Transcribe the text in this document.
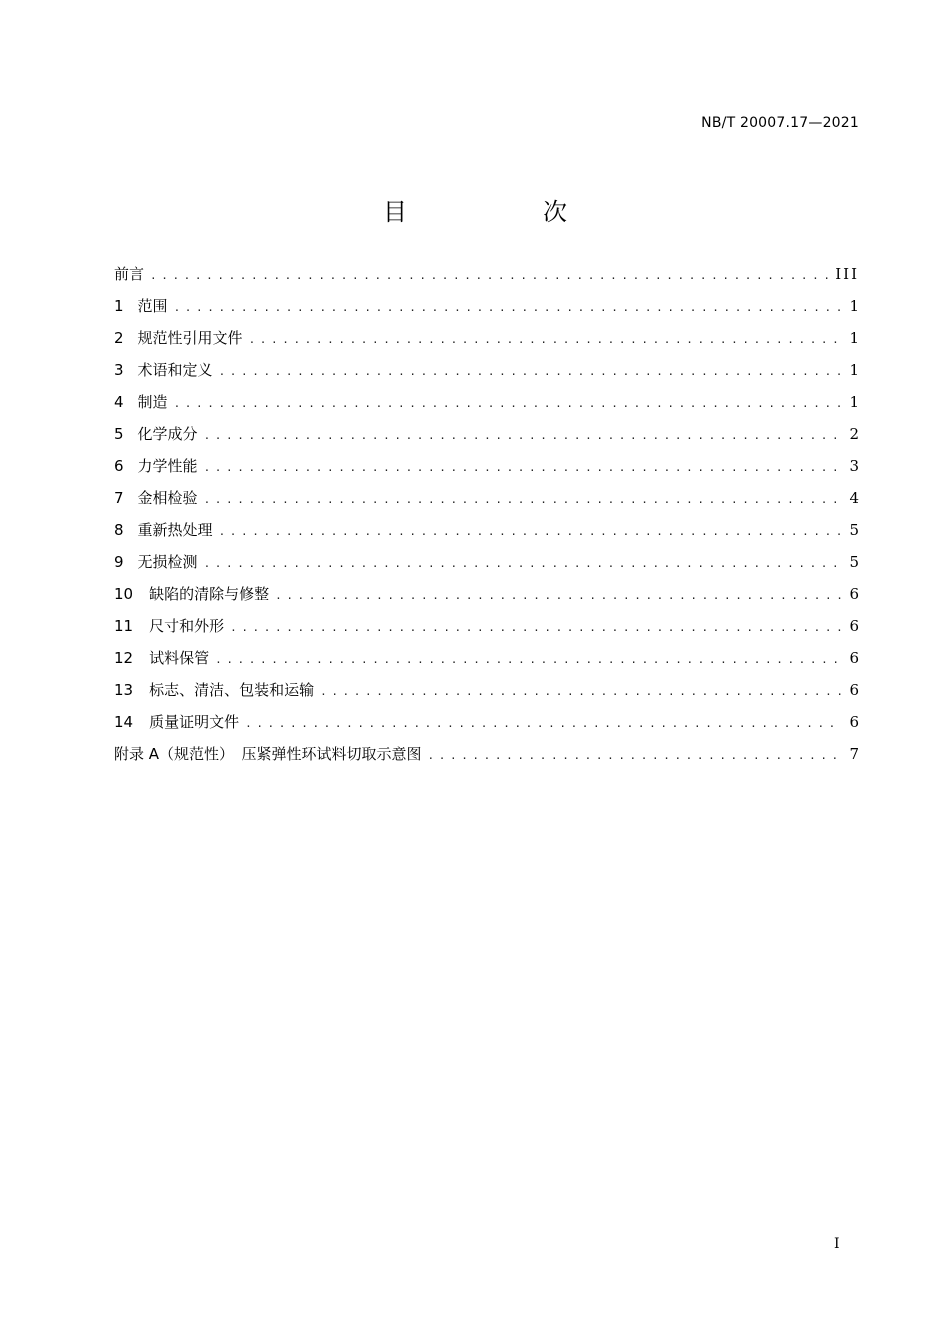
NB/T 20007.17—2021
目　次
前言 .....	III
1 范围 .....	1
2 规范性引用文件 .....	1
3 术语和定义 .....	1
4 制造 .....	1
5 化学成分 .....	2
6 力学性能 .....	3
7 金相检验 .....	4
8 重新热处理 .....	5
9 无损检测 .....	5
10 缺陷的清除与修整 .....	6
11 尺寸和外形 .....	6
12 试料保管 .....	6
13 标志、清洁、包装和运输 .....	6
14 质量证明文件 .....	6
附录 A（规范性）　压紧弹性环试料切取示意图 .....	7
I
